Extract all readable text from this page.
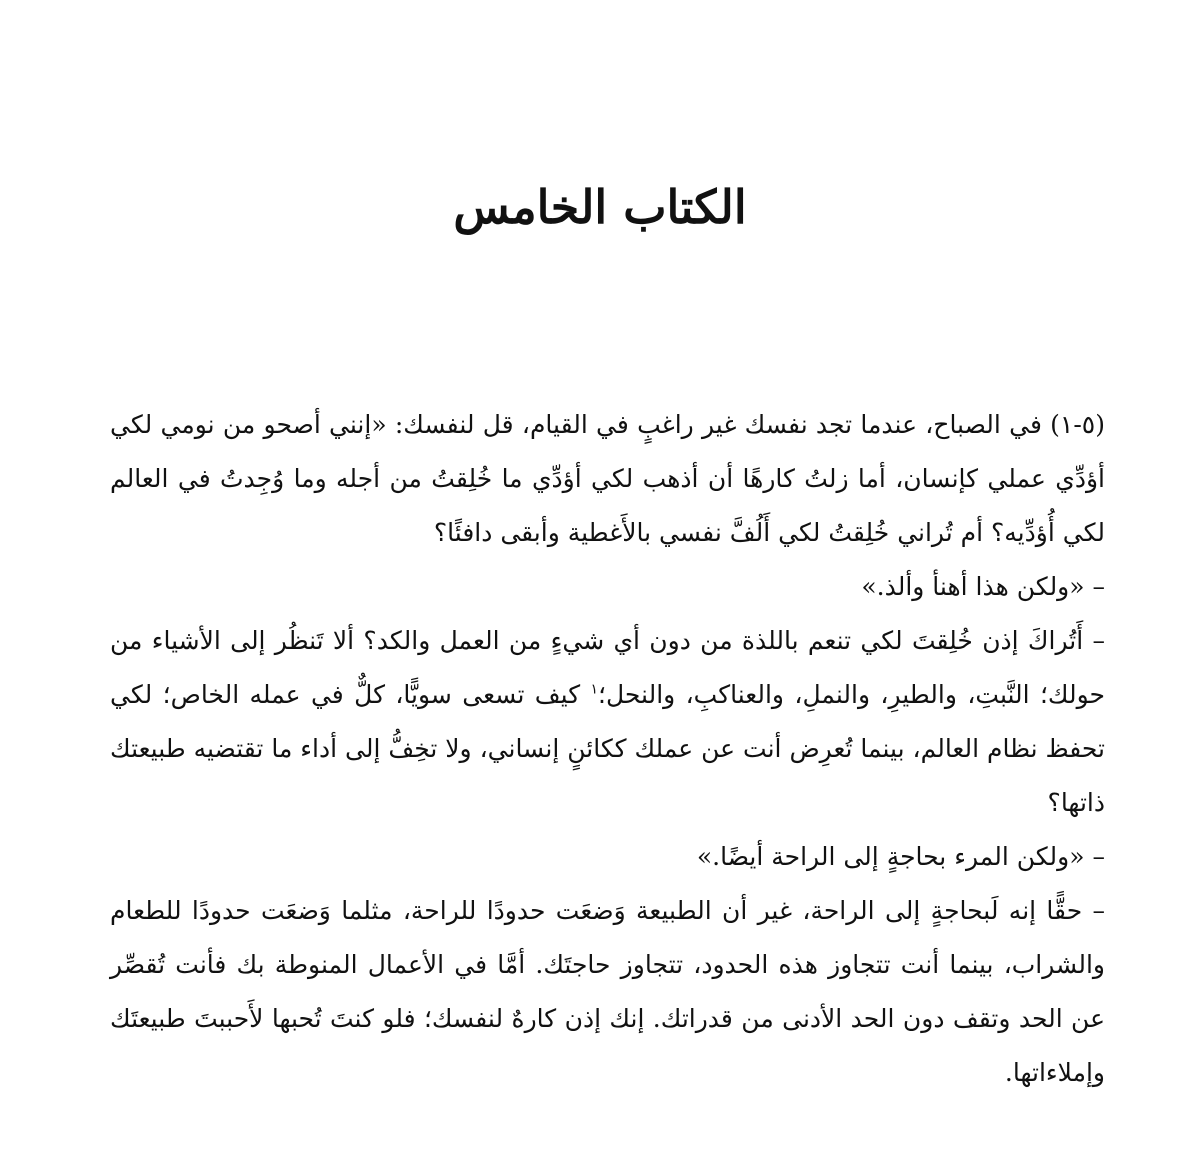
الكتاب الخامس

(٥-١) في الصباح، عندما تجد نفسك غير راغبٍ في القيام، قل لنفسك: «إنني أصحو من نومي لكي أؤدِّي عملي كإنسان، أما زلتُ كارهًا أن أذهب لكي أؤدِّي ما خُلِقتُ من أجله وما وُجِدتُ في العالم لكي أُؤدِّيه؟ أم تُراني خُلِقتُ لكي أَلُفَّ نفسي بالأَغطية وأبقى دافئًا؟

– «ولكن هذا أهنأ وألذ.»

– أَتُراكَ إذن خُلِقتَ لكي تنعم باللذة من دون أي شيءٍ من العمل والكد؟ ألا تَنظُر إلى الأشياء من حولك؛ النَّبتِ، والطيرِ، والنملِ، والعناكبِ، والنحل؛$^١$ كيف تسعى سويًّا، كلٌّ في عمله الخاص؛ لكي تحفظ نظام العالم، بينما تُعرِض أنت عن عملك ككائنٍ إنساني، ولا تخِفُّ إلى أداء ما تقتضيه طبيعتك ذاتها؟

– «ولكن المرء بحاجةٍ إلى الراحة أيضًا.»

– حقًّا إنه لَبحاجةٍ إلى الراحة، غير أن الطبيعة وَضعَت حدودًا للراحة، مثلما وَضعَت حدودًا للطعام والشراب، بينما أنت تتجاوز هذه الحدود، تتجاوز حاجتَك. أمَّا في الأعمال المنوطة بك فأنت تُقصِّر عن الحد وتقف دون الحد الأدنى من قدراتك. إنك إذن كارهٌ لنفسك؛ فلو كنتَ تُحبها لأَحببتَ طبيعتَك وإملاءاتها.
